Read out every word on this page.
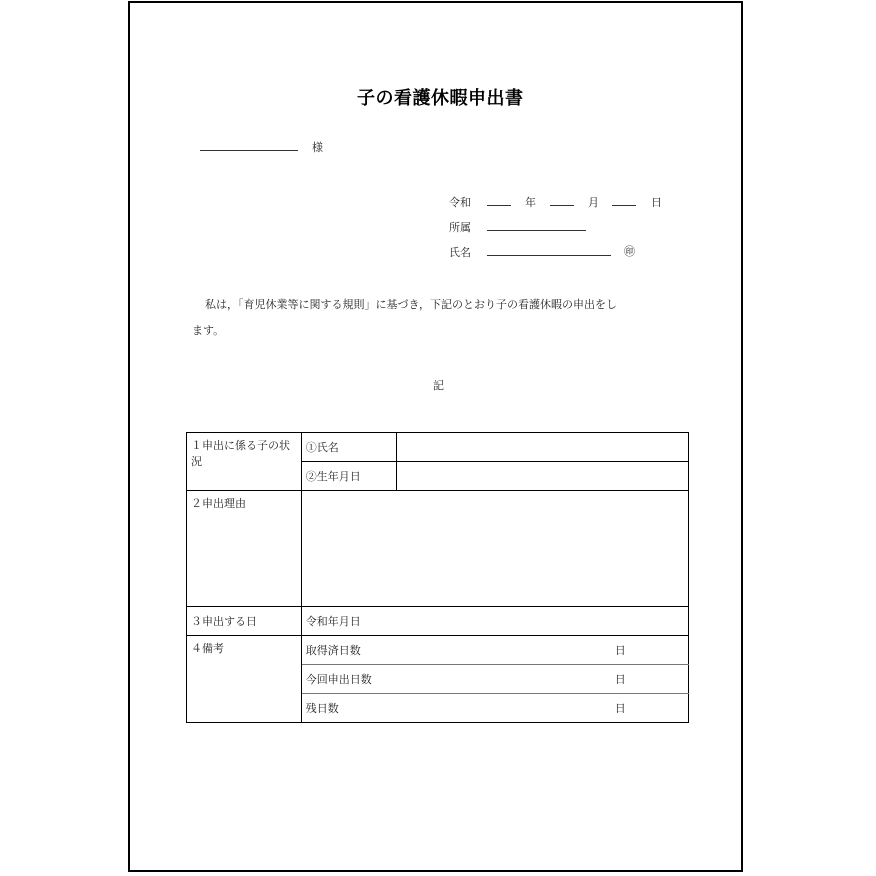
子の看護休暇申出書
様
令和	年	月	日
所属
氏名	㊞
私は，「育児休業等に関する規則」に基づき，下記のとおり子の看護休暇の申出をし
ます。
記
１申出に係る子の状況	①氏名	
	②生年月日	
２申出理由		
３申出する日	令和年月日	
４備考	取得済日数 日	

	今回申出日数 日	

	残日数 日	
